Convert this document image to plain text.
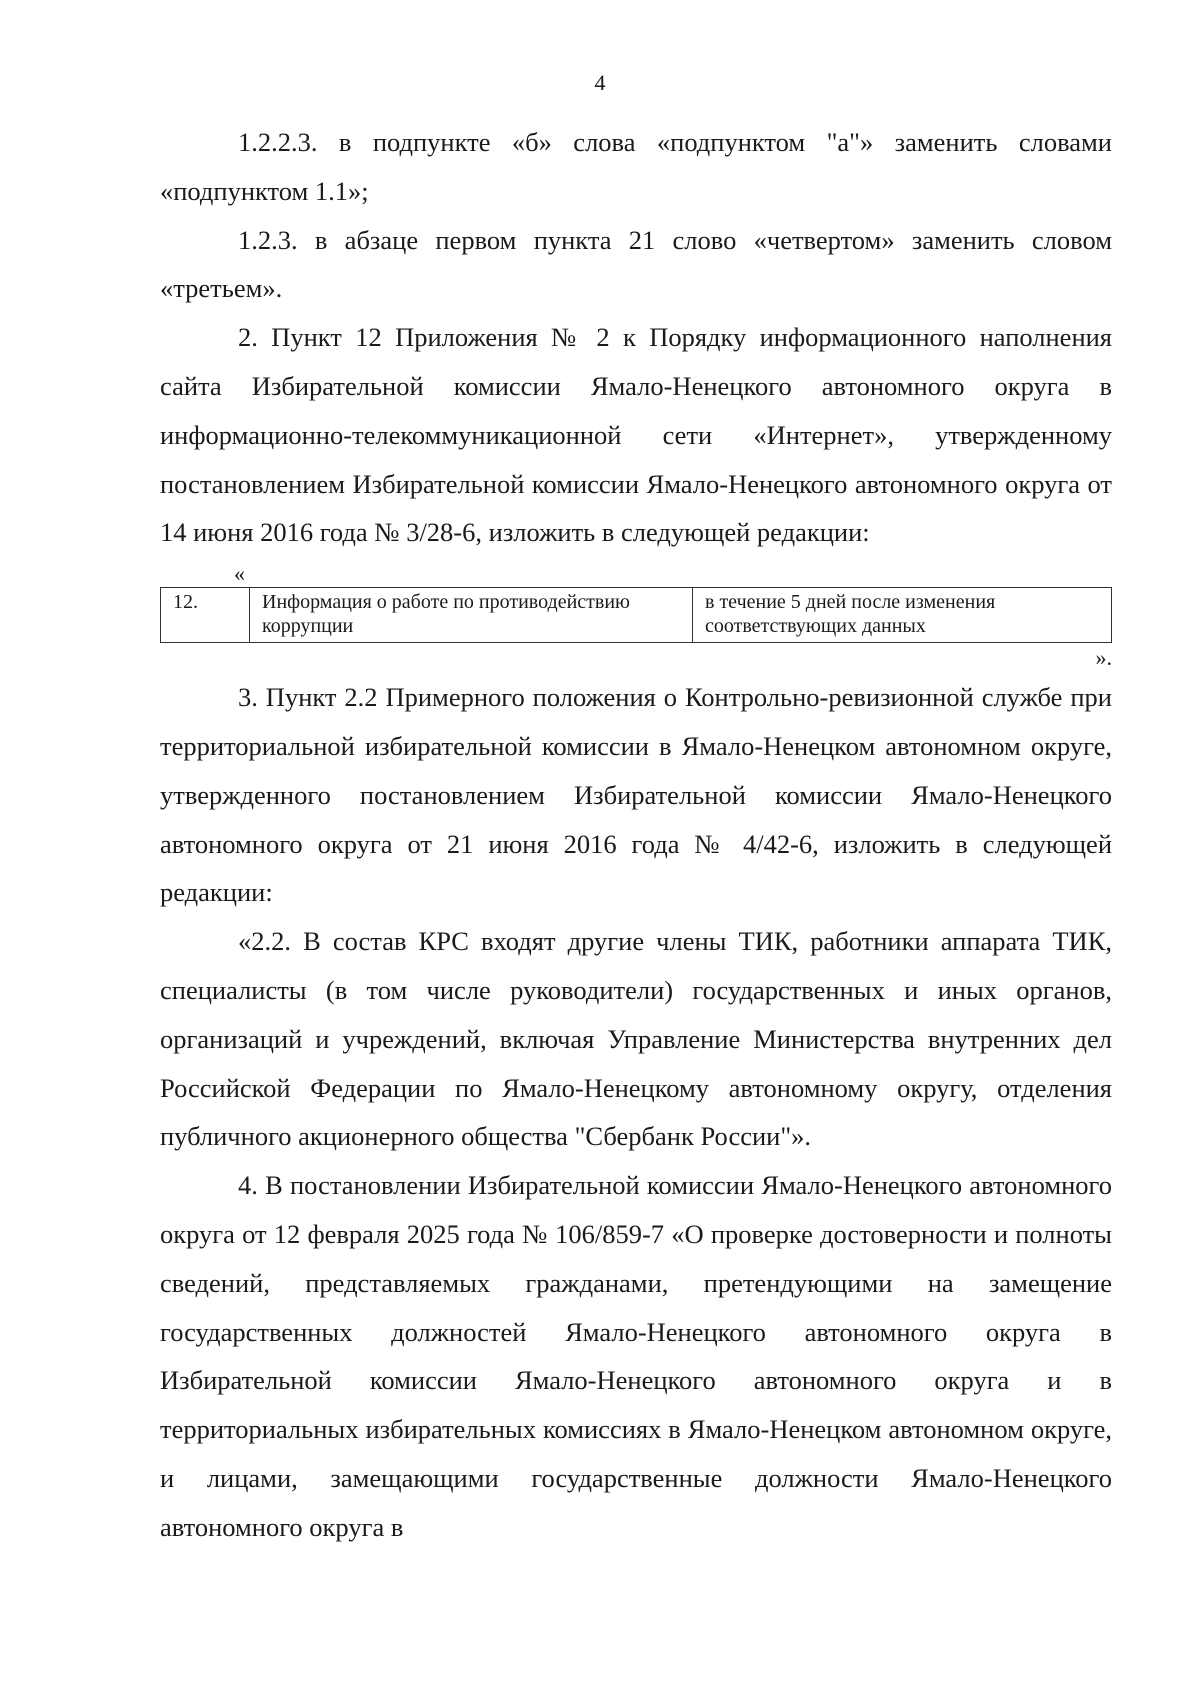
4

1.2.2.3. в подпункте «б» слова «подпунктом "а"» заменить словами «подпунктом 1.1»;

1.2.3. в абзаце первом пункта 21 слово «четвертом» заменить словом «третьем».

2. Пункт 12 Приложения № 2 к Порядку информационного наполнения сайта Избирательной комиссии Ямало-Ненецкого автономного округа в информационно-телекоммуникационной сети «Интернет», утвержденному постановлением Избирательной комиссии Ямало-Ненецкого автономного округа от 14 июня 2016 года № 3/28-6, изложить в следующей редакции:

«
12.	Информация о работе по противодействию коррупции	в течение 5 дней после изменения соответствующих данных
».

3. Пункт 2.2 Примерного положения о Контрольно-ревизионной службе при территориальной избирательной комиссии в Ямало-Ненецком автономном округе, утвержденного постановлением Избирательной комиссии Ямало-Ненецкого автономного округа от 21 июня 2016 года № 4/42-6, изложить в следующей редакции:

«2.2. В состав КРС входят другие члены ТИК, работники аппарата ТИК, специалисты (в том числе руководители) государственных и иных органов, организаций и учреждений, включая Управление Министерства внутренних дел Российской Федерации по Ямало-Ненецкому автономному округу, отделения публичного акционерного общества "Сбербанк России"».

4. В постановлении Избирательной комиссии Ямало-Ненецкого автономного округа от 12 февраля 2025 года № 106/859-7 «О проверке достоверности и полноты сведений, представляемых гражданами, претендующими на замещение государственных должностей Ямало-Ненецкого автономного округа в Избирательной комиссии Ямало-Ненецкого автономного округа и в территориальных избирательных комиссиях в Ямало-Ненецком автономном округе, и лицами, замещающими государственные должности Ямало-Ненецкого автономного округа в
